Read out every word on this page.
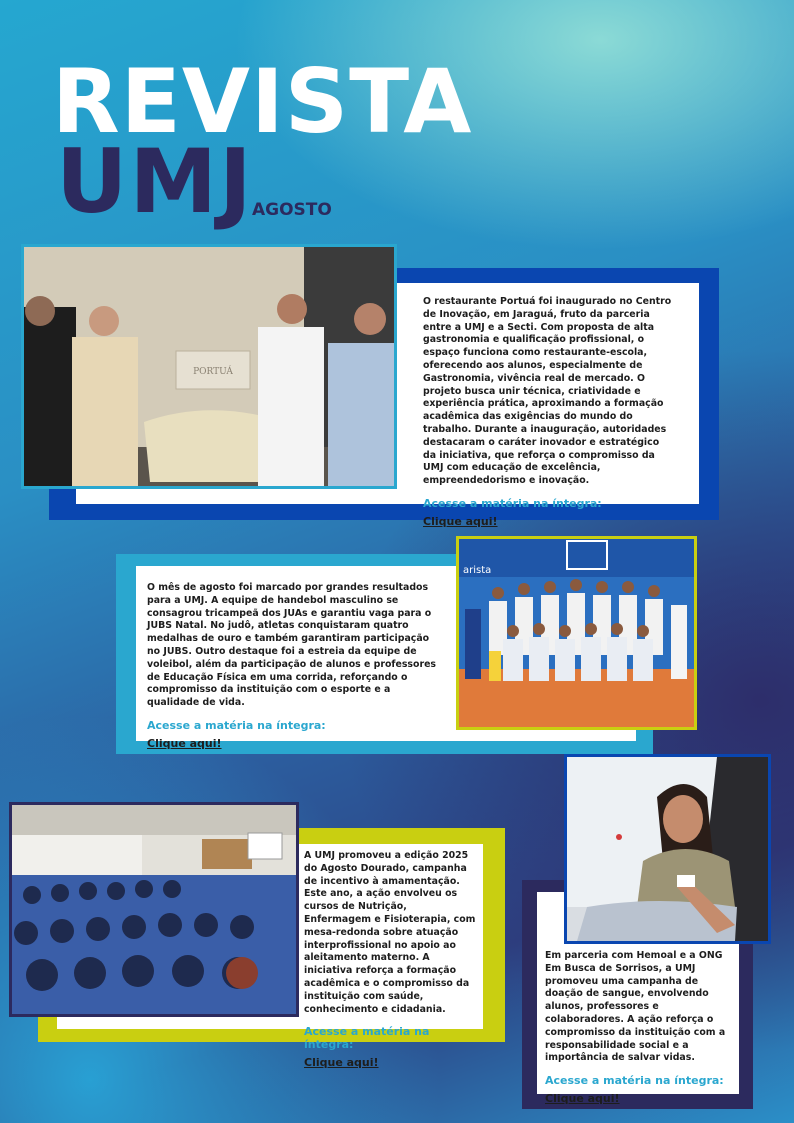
REVISTA
UMJ
AGOSTO

O restaurante Portuá foi inaugurado no Centro de Inovação, em Jaraguá, fruto da parceria entre a UMJ e a Secti. Com proposta de alta gastronomia e qualificação profissional, o espaço funciona como restaurante-escola, oferecendo aos alunos, especialmente de Gastronomia, vivência real de mercado. O projeto busca unir técnica, criatividade e experiência prática, aproximando a formação acadêmica das exigências do mundo do trabalho. Durante a inauguração, autoridades destacaram o caráter inovador e estratégico da iniciativa, que reforça o compromisso da UMJ com educação de excelência, empreendedorismo e inovação.

Acesse a matéria na íntegra:
Clique aqui!
PORTUÁ

O mês de agosto foi marcado por grandes resultados para a UMJ. A equipe de handebol masculino se consagrou tricampeã dos JUAs e garantiu vaga para o JUBS Natal. No judô, atletas conquistaram quatro medalhas de ouro e também garantiram participação no JUBS. Outro destaque foi a estreia da equipe de voleibol, além da participação de alunos e professores de Educação Física em uma corrida, reforçando o compromisso da instituição com o esporte e a qualidade de vida.

Acesse a matéria na íntegra:
Clique aqui!
arista

A UMJ promoveu a edição 2025 do Agosto Dourado, campanha de incentivo à amamentação. Este ano, a ação envolveu os cursos de Nutrição, Enfermagem e Fisioterapia, com mesa-redonda sobre atuação interprofissional no apoio ao aleitamento materno. A iniciativa reforça a formação acadêmica e o compromisso da instituição com saúde, conhecimento e cidadania.

Acesse a matéria na íntegra:
Clique aqui!

Em parceria com Hemoal e a ONG Em Busca de Sorrisos, a UMJ promoveu uma campanha de doação de sangue, envolvendo alunos, professores e colaboradores. A ação reforça o compromisso da instituição com a responsabilidade social e a importância de salvar vidas.

Acesse a matéria na íntegra:
Clique aqui!
